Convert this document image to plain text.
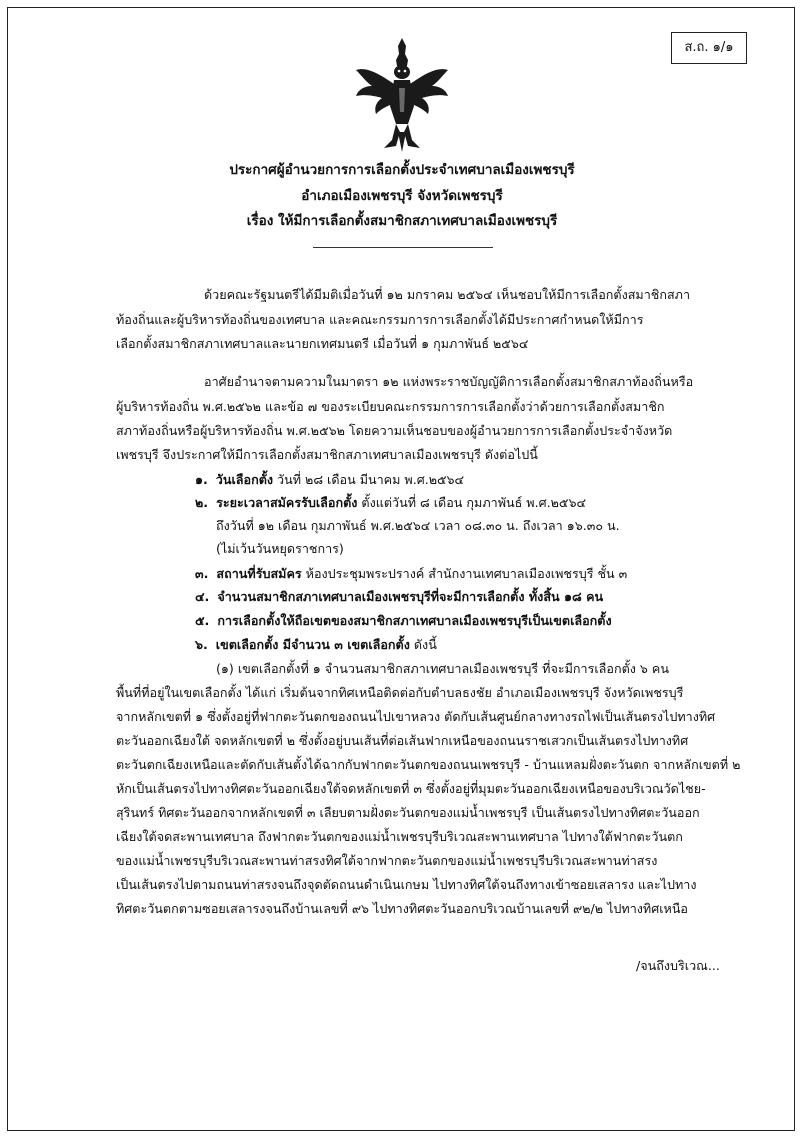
ส.ถ. ๑/๑
ประกาศผู้อำนวยการการเลือกตั้งประจำเทศบาลเมืองเพชรบุรี
อำเภอเมืองเพชรบุรี จังหวัดเพชรบุรี
เรื่อง ให้มีการเลือกตั้งสมาชิกสภาเทศบาลเมืองเพชรบุรี
ด้วยคณะรัฐมนตรีได้มีมติเมื่อวันที่ ๑๒ มกราคม ๒๕๖๔ เห็นชอบให้มีการเลือกตั้งสมาชิกสภา
ท้องถิ่นและผู้บริหารท้องถิ่นของเทศบาล และคณะกรรมการการเลือกตั้งได้มีประกาศกำหนดให้มีการ
เลือกตั้งสมาชิกสภาเทศบาลและนายกเทศมนตรี เมื่อวันที่ ๑ กุมภาพันธ์ ๒๕๖๔
อาศัยอำนาจตามความในมาตรา ๑๒ แห่งพระราชบัญญัติการเลือกตั้งสมาชิกสภาท้องถิ่นหรือ
ผู้บริหารท้องถิ่น พ.ศ.๒๕๖๒ และข้อ ๗ ของระเบียบคณะกรรมการการเลือกตั้งว่าด้วยการเลือกตั้งสมาชิก
สภาท้องถิ่นหรือผู้บริหารท้องถิ่น พ.ศ.๒๕๖๒ โดยความเห็นชอบของผู้อำนวยการการเลือกตั้งประจำจังหวัด
เพชรบุรี จึงประกาศให้มีการเลือกตั้งสมาชิกสภาเทศบาลเมืองเพชรบุรี ดังต่อไปนี้
๑. วันเลือกตั้ง วันที่ ๒๘ เดือน มีนาคม พ.ศ.๒๕๖๔
๒. ระยะเวลาสมัครรับเลือกตั้ง ตั้งแต่วันที่ ๘ เดือน กุมภาพันธ์ พ.ศ.๒๕๖๔
ถึงวันที่ ๑๒ เดือน กุมภาพันธ์ พ.ศ.๒๕๖๔ เวลา ๐๘.๓๐ น. ถึงเวลา ๑๖.๓๐ น.
(ไม่เว้นวันหยุดราชการ)
๓. สถานที่รับสมัคร ห้องประชุมพระปรางค์ สำนักงานเทศบาลเมืองเพชรบุรี ชั้น ๓
๔. จำนวนสมาชิกสภาเทศบาลเมืองเพชรบุรีที่จะมีการเลือกตั้ง ทั้งสิ้น ๑๘ คน
๕. การเลือกตั้งให้ถือเขตของสมาชิกสภาเทศบาลเมืองเพชรบุรีเป็นเขตเลือกตั้ง
๖. เขตเลือกตั้ง มีจำนวน ๓ เขตเลือกตั้ง ดังนี้
(๑) เขตเลือกตั้งที่ ๑ จำนวนสมาชิกสภาเทศบาลเมืองเพชรบุรี ที่จะมีการเลือกตั้ง ๖ คน
พื้นที่ที่อยู่ในเขตเลือกตั้ง ได้แก่ เริ่มต้นจากทิศเหนือติดต่อกับตำบลธงชัย อำเภอเมืองเพชรบุรี จังหวัดเพชรบุรี
จากหลักเขตที่ ๑ ซึ่งตั้งอยู่ที่ฟากตะวันตกของถนนไปเขาหลวง ตัดกับเส้นศูนย์กลางทางรถไฟเป็นเส้นตรงไปทางทิศ
ตะวันออกเฉียงใต้ จดหลักเขตที่ ๒ ซึ่งตั้งอยู่บนเส้นที่ต่อเส้นฟากเหนือของถนนราชเสวกเป็นเส้นตรงไปทางทิศ
ตะวันตกเฉียงเหนือและตัดกับเส้นตั้งได้ฉากกับฟากตะวันตกของถนนเพชรบุรี - บ้านแหลมฝั่งตะวันตก จากหลักเขตที่ ๒
หักเป็นเส้นตรงไปทางทิศตะวันออกเฉียงใต้จดหลักเขตที่ ๓ ซึ่งตั้งอยู่ที่มุมตะวันออกเฉียงเหนือของบริเวณวัดไชย-
สุรินทร์ ทิศตะวันออกจากหลักเขตที่ ๓ เลียบตามฝั่งตะวันตกของแม่น้ำเพชรบุรี เป็นเส้นตรงไปทางทิศตะวันออก
เฉียงใต้จดสะพานเทศบาล ถึงฟากตะวันตกของแม่น้ำเพชรบุรีบริเวณสะพานเทศบาล ไปทางใต้ฟากตะวันตก
ของแม่น้ำเพชรบุรีบริเวณสะพานท่าสรงทิศใต้จากฟากตะวันตกของแม่น้ำเพชรบุรีบริเวณสะพานท่าสรง
เป็นเส้นตรงไปตามถนนท่าสรงจนถึงจุดตัดถนนดำเนินเกษม ไปทางทิศใต้จนถึงทางเข้าซอยเสลารง และไปทาง
ทิศตะวันตกตามซอยเสลารงจนถึงบ้านเลขที่ ๙๖ ไปทางทิศตะวันออกบริเวณบ้านเลขที่ ๙๒/๒ ไปทางทิศเหนือ
/จนถึงบริเวณ...
